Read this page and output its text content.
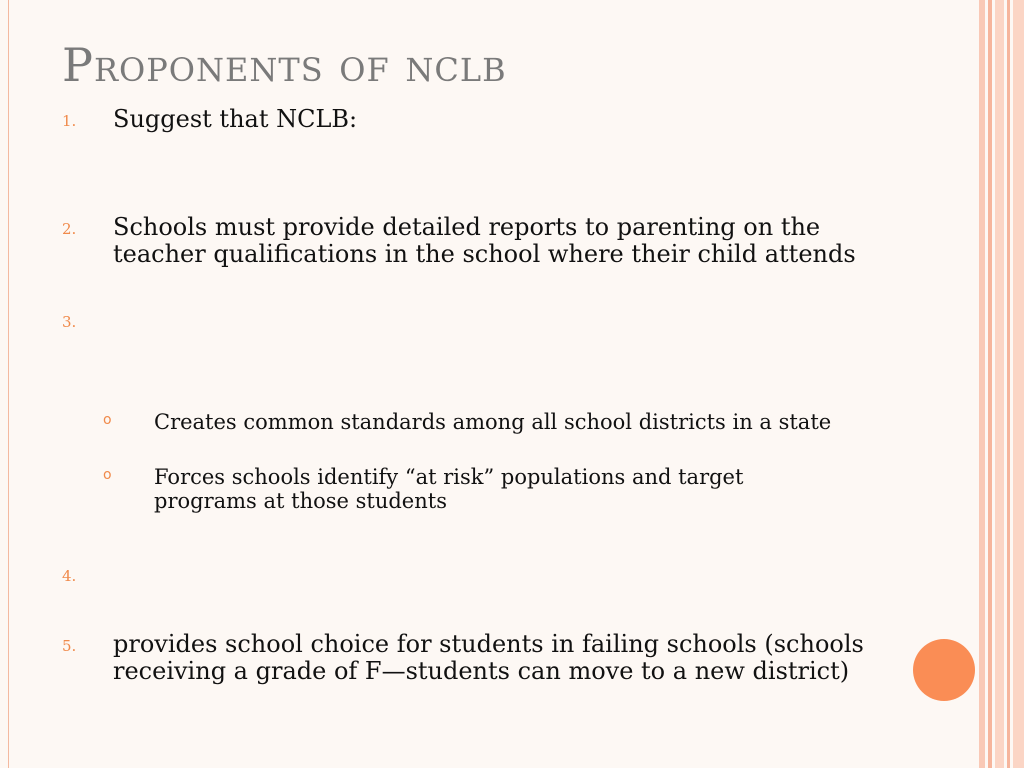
Proponents of nclb
1. Suggest that NCLB:
2. Schools must provide detailed reports to parenting on the teacher qualifications in the school where their child attends
3.
o Creates common standards among all school districts in a state
o Forces schools identify “at risk” populations and target programs at those students
4.
5. provides school choice for students in failing schools (schools receiving a grade of F—students can move to a new district)
